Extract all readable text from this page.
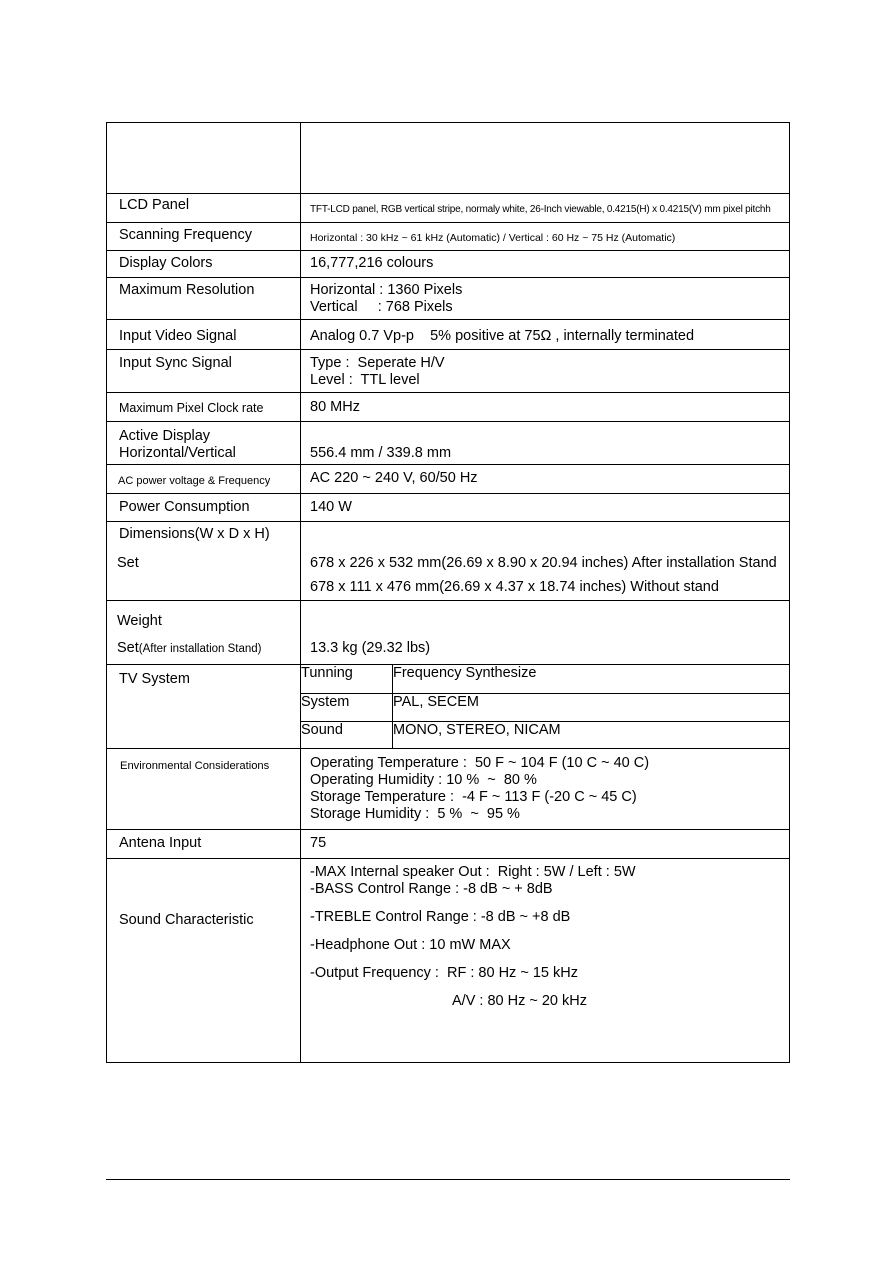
LCD Panel	TFT-LCD panel, RGB vertical stripe, normaly white, 26-Inch viewable, 0.4215(H) x 0.4215(V) mm pixel pitchh

Scanning Frequency	Horizontal : 30 kHz ~ 61 kHz (Automatic) / Vertical : 60 Hz ~ 75 Hz (Automatic)

Display Colors	16,777,216 colours

Maximum Resolution	Horizontal : 1360 Pixels
Vertical     : 768 Pixels

Input Video Signal	Analog 0.7 Vp-p    5% positive at 75Ω , internally terminated

Input Sync Signal	Type :  Seperate H/V
Level :  TTL level

Maximum Pixel Clock rate	80 MHz

Active Display
Horizontal/Vertical	556.4 mm / 339.8 mm

$_{AC power voltage \& Frequency}$	AC 220 ~ 240 V, 60/50 Hz

Power Consumption	140 W

Dimensions(W x D x H)
Set	678 x 226 x 532 mm(26.69 x 8.90 x 20.94 inches) After installation Stand
678 x 111 x 476 mm(26.69 x 4.37 x 18.74 inches) Without stand

Weight
Set(After installation Stand)	13.3 kg (29.32 lbs)

TV System		Tunning	Frequency Synthesize
System	PAL, SECEM
Sound	MONO, STEREO, NICAM

$_{Environmental Considerations}$	Operating Temperature :  50 F ~ 104 F (10 C ~ 40 C)
Operating Humidity : 10 %  ~  80 %
Storage Temperature :  -4 F ~ 113 F (-20 C ~ 45 C)
Storage Humidity :  5 %  ~  95 %

Antena Input	75

Sound Characteristic	
-MAX Internal speaker Out :  Right : 5W / Left : 5W
-BASS Control Range : -8 dB ~ + 8dB
-TREBLE Control Range : -8 dB ~ +8 dB
-Headphone Out : 10 mW MAX
-Output Frequency :  RF : 80 Hz ~ 15 kHz
A/V : 80 Hz ~ 20 kHz
